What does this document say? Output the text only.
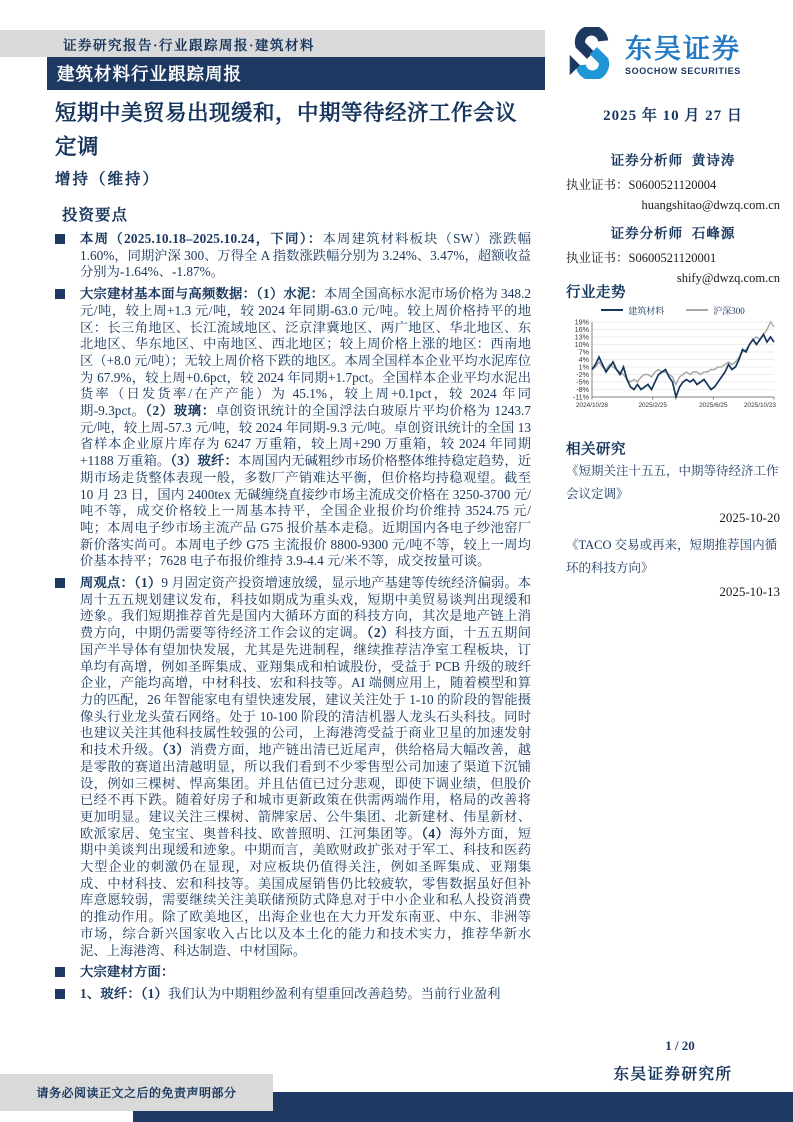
证券研究报告·行业跟踪周报·建筑材料
建筑材料行业跟踪周报
短期中美贸易出现缓和，中期等待经济工作会议定调
增持（维持）
东吴证券
SOOCHOW SECURITIES
2025 年 10 月 27 日
证券分析师  黄诗涛
执业证书：S0600521120004
huangshitao@dwzq.com.cn
证券分析师  石峰源
执业证书：S0600521120001
shify@dwzq.com.cn
行业走势
建筑材料	沪深300
19%
16%
13%
10%
7%
4%
1%
-2%
-5%
-8%
-11%
2024/10/28	2025/2/25	2025/6/25	2025/10/23
相关研究
《短期关注十五五，中期等待经济工作会议定调》
2025-10-20
《TACO 交易或再来，短期推荐国内循环的科技方向》
2025-10-13
投资要点
本周（2025.10.18–2025.10.24，下同）：本周建筑材料板块（SW）涨跌幅 1.60%，同期沪深 300、万得全 A 指数涨跌幅分别为 3.24%、3.47%，超额收益分别为-1.64%、-1.87%。
大宗建材基本面与高频数据：（1）水泥：本周全国高标水泥市场价格为 348.2 元/吨，较上周+1.3 元/吨，较 2024 年同期-63.0 元/吨。较上周价格持平的地区：长三角地区、长江流域地区、泛京津冀地区、两广地区、华北地区、东北地区、华东地区、中南地区、西北地区；较上周价格上涨的地区：西南地区（+8.0 元/吨）；无较上周价格下跌的地区。本周全国样本企业平均水泥库位为 67.9%，较上周+0.6pct，较 2024 年同期+1.7pct。全国样本企业平均水泥出货率（日发货率/在产产能）为 45.1%，较上周+0.1pct，较 2024 年同期-9.3pct。（2）玻璃：卓创资讯统计的全国浮法白玻原片平均价格为 1243.7 元/吨，较上周-57.3 元/吨，较 2024 年同期-9.3 元/吨。卓创资讯统计的全国 13 省样本企业原片库存为 6247 万重箱，较上周+290 万重箱，较 2024 年同期+1188 万重箱。（3）玻纤：本周国内无碱粗纱市场价格整体维持稳定趋势，近期市场走货整体表现一般，多数厂产销难达平衡，但价格均持稳观望。截至 10 月 23 日，国内 2400tex 无碱缠绕直接纱市场主流成交价格在 3250-3700 元/吨不等，成交价格较上一周基本持平，全国企业报价均价维持 3524.75 元/吨；本周电子纱市场主流产品 G75 报价基本走稳。近期国内各电子纱池窑厂新价落实尚可。本周电子纱 G75 主流报价 8800-9300 元/吨不等，较上一周均价基本持平；7628 电子布报价维持 3.9-4.4 元/米不等，成交按量可谈。
周观点：（1）9 月固定资产投资增速放缓，显示地产基建等传统经济偏弱。本周十五五规划建议发布，科技如期成为重头戏，短期中美贸易谈判出现缓和迹象。我们短期推荐首先是国内大循环方面的科技方向，其次是地产链上消费方向，中期仍需要等待经济工作会议的定调。（2）科技方面，十五五期间国产半导体有望加快发展，尤其是先进制程，继续推荐洁净室工程板块，订单均有高增，例如圣晖集成、亚翔集成和柏诚股份，受益于 PCB 升级的玻纤企业，产能均高增，中材科技、宏和科技等。AI 端侧应用上，随着模型和算力的匹配，26 年智能家电有望快速发展，建议关注处于 1-10 的阶段的智能摄像头行业龙头萤石网络。处于 10-100 阶段的清洁机器人龙头石头科技。同时也建议关注其他科技属性较强的公司，上海港湾受益于商业卫星的加速发射和技术升级。（3）消费方面，地产链出清已近尾声，供给格局大幅改善，越是零散的赛道出清越明显，所以我们看到不少零售型公司加速了渠道下沉铺设，例如三棵树、悍高集团。并且估值已过分悲观，即使下调业绩，但股价已经不再下跌。随着好房子和城市更新政策在供需两端作用，格局的改善将更加明显。建议关注三棵树、箭牌家居、公牛集团、北新建材、伟星新材、欧派家居、兔宝宝、奥普科技、欧普照明、江河集团等。（4）海外方面，短期中美谈判出现缓和迹象。中期而言，美欧财政扩张对于军工、科技和医药大型企业的刺激仍在显现，对应板块仍值得关注，例如圣晖集成、亚翔集成、中材科技、宏和科技等。美国成屋销售仍比较疲软，零售数据虽好但补库意愿较弱，需要继续关注美联储预防式降息对于中小企业和私人投资消费的推动作用。除了欧美地区，出海企业也在大力开发东南亚、中东、非洲等市场，综合新兴国家收入占比以及本土化的能力和技术实力，推荐华新水泥、上海港湾、科达制造、中材国际。
大宗建材方面：
1、玻纤：（1）我们认为中期粗纱盈利有望重回改善趋势。当前行业盈利
1 / 20
东吴证券研究所
请务必阅读正文之后的免责声明部分
